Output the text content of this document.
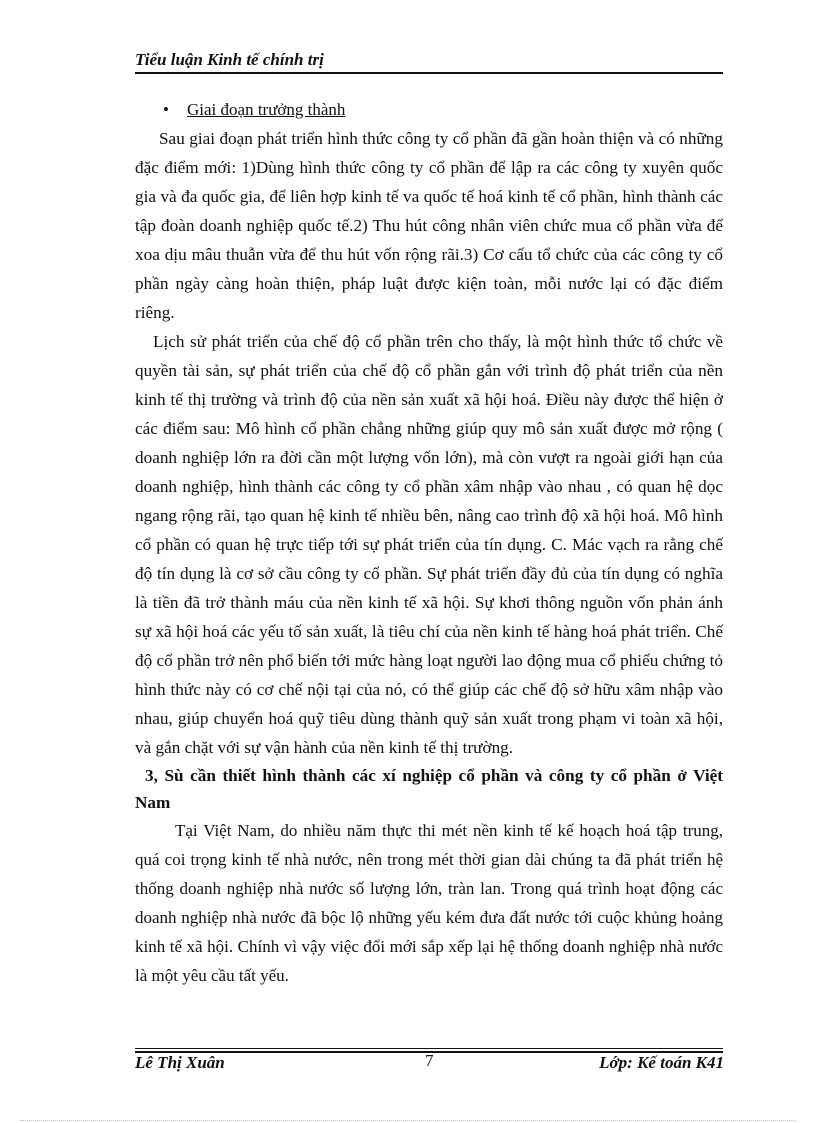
Tiểu luận Kinh tế chính trị
• Giai đoạn trưởng thành

Sau giai đoạn phát triển hình thức công ty cổ phần đã gần hoàn thiện và có những đặc điểm mới: 1)Dùng hình thức công ty cổ phần để lập ra các công ty xuyên quốc gia và đa quốc gia, để liên hợp kinh tế va quốc tế hoá kinh tế cổ phần, hình thành các tập đoàn doanh nghiệp quốc tế.2) Thu hút công nhân viên chức mua cổ phần vừa để xoa dịu mâu thuẫn vừa để thu hút vốn rộng rãi.3) Cơ cấu tổ chức của các công ty cổ phần ngày càng hoàn thiện, pháp luật được kiện toàn, mỗi nước lại có đặc điểm riêng.

Lịch sử phát triển của chế độ cổ phần trên cho thấy, là một hình thức tổ chức về quyền tài sản, sự phát triển của chế độ cổ phần gắn với trình độ phát triển của nền kinh tế thị trường và trình độ của nền sản xuất xã hội hoá. Điều này được thể hiện ở các điểm sau: Mô hình cổ phần chẳng những giúp quy mô sản xuất được mở rộng ( doanh nghiệp lớn ra đời cần một lượng vốn lớn), mà còn vượt ra ngoài giới hạn của doanh nghiệp, hình thành các công ty cổ phần xâm nhập vào nhau , có quan hệ dọc ngang rộng rãi, tạo quan hệ kinh tế nhiều bên, nâng cao trình độ xã hội hoá. Mô hình cổ phần có quan hệ trực tiếp tới sự phát triển của tín dụng. C. Mác vạch ra rằng chế độ tín dụng là cơ sở cầu công ty cổ phần. Sự phát triển đầy đủ của tín dụng có nghĩa là tiền đã trở thành máu của nền kinh tế xã hội. Sự khơi thông nguồn vốn phản ánh sự xã hội hoá các yếu tố sản xuất, là tiêu chí của nền kinh tế hàng hoá phát triển. Chế độ cổ phần trở nên phổ biến tới mức hàng loạt người lao động mua cổ phiếu chứng tỏ hình thức này có cơ chế nội tại của nó, có thể giúp các chế độ sở hữu xâm nhập vào nhau, giúp chuyển hoá quỹ tiêu dùng thành quỹ sản xuất trong phạm vi toàn xã hội, và gắn chặt với sự vận hành của nền kinh tế thị trường.

3, Sù cần thiết hình thành các xí nghiệp cổ phần và công ty cổ phần ở Việt Nam

Tại Việt Nam, do nhiều năm thực thi mét nền kinh tế kế hoạch hoá tập trung, quá coi trọng kinh tế nhà nước, nên trong mét thời gian dài chúng ta đã phát triển hệ thống doanh nghiệp nhà nước số lượng lớn, tràn lan. Trong quá trình hoạt động các doanh nghiệp nhà nước đã bộc lộ những yếu kém đưa đất nước tới cuộc khủng hoảng kinh tế xã hội. Chính vì vậy việc đổi mới sắp xếp lại hệ thống doanh nghiệp nhà nước là một yêu cầu tất yếu.

Lê Thị Xuân	7	Lớp: Kế toán K41
